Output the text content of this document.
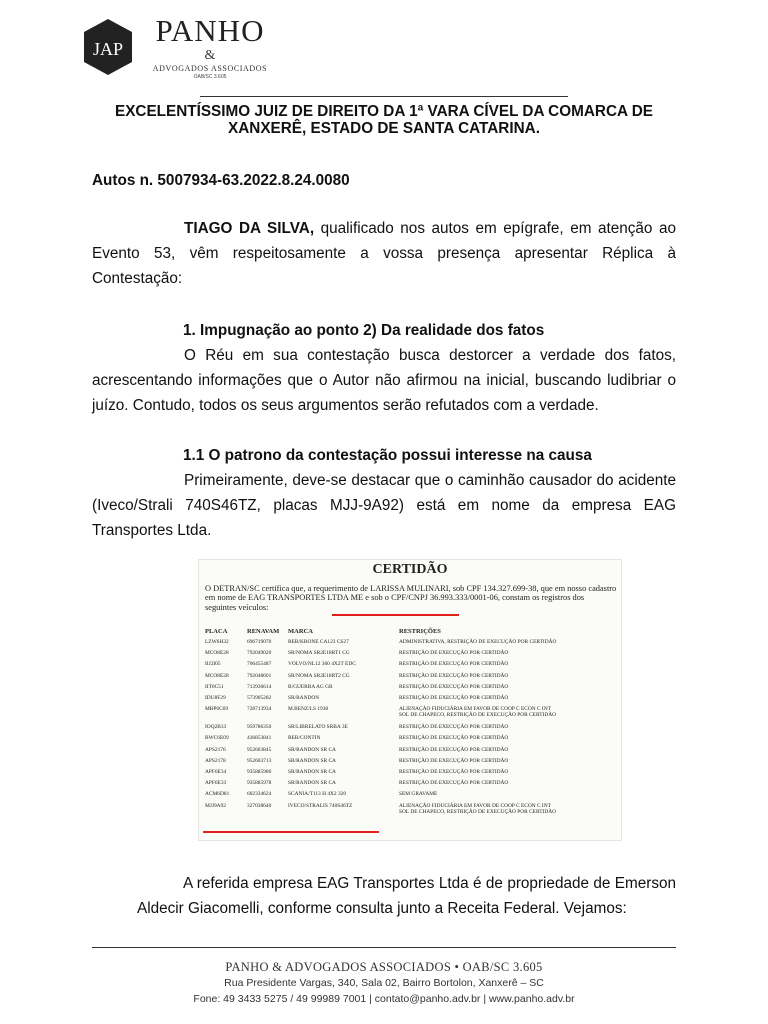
JAP
PANHO
&
ADVOGADOS ASSOCIADOS
OAB/SC 3.605
EXCELENTÍSSIMO JUIZ DE DIREITO DA 1ª VARA CÍVEL DA COMARCA DE XANXERÊ, ESTADO DE SANTA CATARINA.
Autos n. 5007934-63.2022.8.24.0080
TIAGO DA SILVA, qualificado nos autos em epígrafe, em atenção ao Evento 53, vêm respeitosamente a vossa presença apresentar Réplica à Contestação:
1. Impugnação ao ponto 2) Da realidade dos fatos
O Réu em sua contestação busca destorcer a verdade dos fatos, acrescentando informações que o Autor não afirmou na inicial, buscando ludibriar o juízo. Contudo, todos os seus argumentos serão refutados com a verdade.
1.1 O patrono da contestação possui interesse na causa
Primeiramente, deve-se destacar que o caminhão causador do acidente (Iveco/Strali 740S46TZ, placas MJJ-9A92) está em nome da empresa EAG Transportes Ltda.
CERTIDÃO
O DETRAN/SC certifica que, a requerimento de LARISSA MULINARI, sob CPF 134.327.699-38, que em nosso cadastro em nome de EAG TRANSPORTES LTDA ME e sob o CPF/CNPJ 36.993.333/0001-06, constam os registros dos seguintes veículos:
PLACA	RENAVAM MARCA	RESTRIÇÕES
LZW6H32	696719070	REB/KRONE CA123 CS27	ADMINISTRATIVA, RESTRIÇÃO DE EXECUÇÃO POR CERTIDÃO
MCO8E28	792049020	SR/NOMA SR2E18RT1 CG	RESTRIÇÃO DE EXECUÇÃO POR CERTIDÃO
IIJ2I05	706455487	VOLVO/NL12 360 4X2T EDC	RESTRIÇÃO DE EXECUÇÃO POR CERTIDÃO
MCO8E28	792048601	SR/NOMA SR2E18RT2 CG	RESTRIÇÃO DE EXECUÇÃO POR CERTIDÃO
IIT0C51	713936614	R/GUERRA AG GR	RESTRIÇÃO DE EXECUÇÃO POR CERTIDÃO
IDU8F29	573905282	SR/RANDON	RESTRIÇÃO DE EXECUÇÃO POR CERTIDÃO
MBP6C69	728713934	M.BENZ/LS 1938	ALIENAÇÃO FIDUCIÁRIA EM FAVOR DE COOP C ECON C INT
SOL DE CHAPECO, RESTRIÇÃO DE EXECUÇÃO POR CERTIDÃO
IOQ2B33	959786350	SR/LIBRELATO SRBA 3E	RESTRIÇÃO DE EXECUÇÃO POR CERTIDÃO
BWC6E09	436853841	REB/CONTIN	RESTRIÇÃO DE EXECUÇÃO POR CERTIDÃO
APS2176	952603845	SR/RANDON SR CA	RESTRIÇÃO DE EXECUÇÃO POR CERTIDÃO
APS2178	952603713	SR/RANDON SR CA	RESTRIÇÃO DE EXECUÇÃO POR CERTIDÃO
APF6E34	935885986	SR/RANDON SR CA	RESTRIÇÃO DE EXECUÇÃO POR CERTIDÃO
APF6E33	935885978	SR/RANDON SR CA	RESTRIÇÃO DE EXECUÇÃO POR CERTIDÃO
ACM6D81	602334624	SCANIA/T113 H 4X2 320	SEM GRAVAME
MJJ9A92	327038640	IVECO/STRALIS 740S46TZ	ALIENAÇÃO FIDUCIÁRIA EM FAVOR DE COOP C ECON C INT
SOL DE CHAPECO, RESTRIÇÃO DE EXECUÇÃO POR CERTIDÃO
A referida empresa EAG Transportes Ltda é de propriedade de Emerson Aldecir Giacomelli, conforme consulta junto a Receita Federal. Vejamos:
PANHO & ADVOGADOS ASSOCIADOS • OAB/SC 3.605
Rua Presidente Vargas, 340, Sala 02, Bairro Bortolon, Xanxerê – SC
Fone: 49 3433 5275 / 49 99989 7001 | contato@panho.adv.br | www.panho.adv.br
